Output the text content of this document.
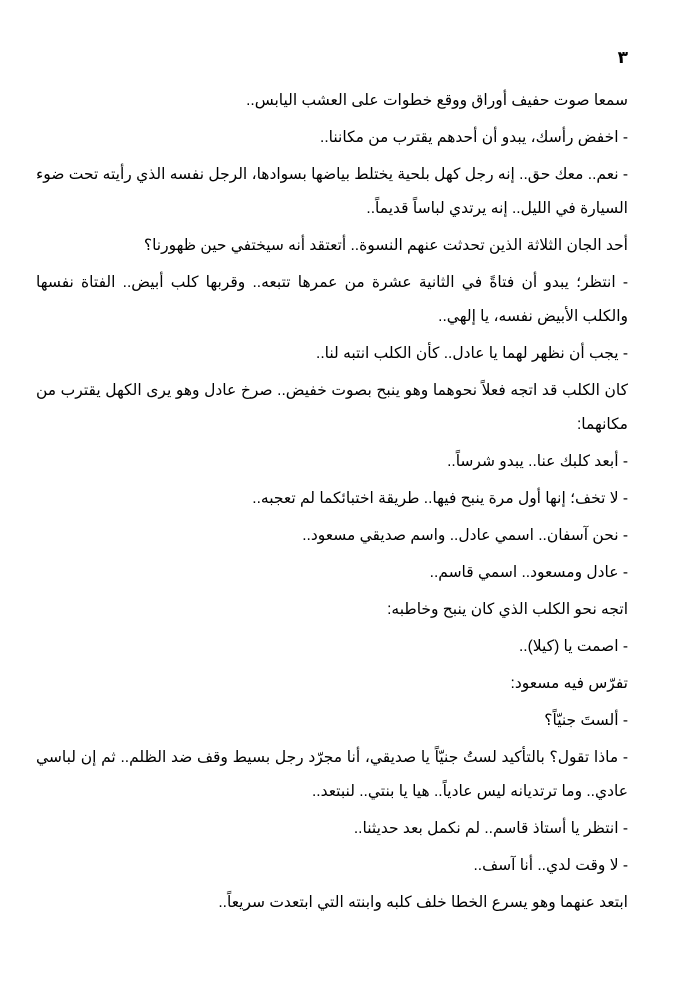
٣

سمعا صوت حفيف أوراق ووقع خطوات على العشب اليابس..

- اخفض رأسك، يبدو أن أحدهم يقترب من مكاننا..

- نعم.. معك حق.. إنه رجل كهل بلحية يختلط بياضها بسوادها، الرجل نفسه الذي رأيته تحت ضوء السيارة في الليل.. إنه يرتدي لباساً قديماً..

أحد الجان الثلاثة الذين تحدثت عنهم النسوة.. أتعتقد أنه سيختفي حين ظهورنا؟

- انتظر؛ يبدو أن فتاةً في الثانية عشرة من عمرها تتبعه.. وقربها كلب أبيض.. الفتاة نفسها والكلب الأبيض نفسه، يا إلهي..

- يجب أن نظهر لهما يا عادل.. كأن الكلب انتبه لنا..

كان الكلب قد اتجه فعلاً نحوهما وهو ينبح بصوت خفيض.. صرخ عادل وهو يرى الكهل يقترب من مكانهما:

- أبعد كلبك عنا.. يبدو شرساً..

- لا تخف؛ إنها أول مرة ينبح فيها.. طريقة اختبائكما لم تعجبه..

- نحن آسفان.. اسمي عادل.. واسم صديقي مسعود..

- عادل ومسعود.. اسمي قاسم..

اتجه نحو الكلب الذي كان ينبح وخاطبه:

- اصمت يا (كيلا)..

تفرّس فيه مسعود:

- ألستَ جنيّاً؟

- ماذا تقول؟ بالتأكيد لستُ جنيّاً يا صديقي، أنا مجرّد رجل بسيط وقف ضد الظلم.. ثم إن لباسي عادي.. وما ترتديانه ليس عادياً.. هيا يا بنتي.. لنبتعد..

- انتظر يا أستاذ قاسم.. لم نكمل بعد حديثنا..

- لا وقت لدي.. أنا آسف..

ابتعد عنهما وهو يسرع الخطا خلف كلبه وابنته التي ابتعدت سريعاً..
